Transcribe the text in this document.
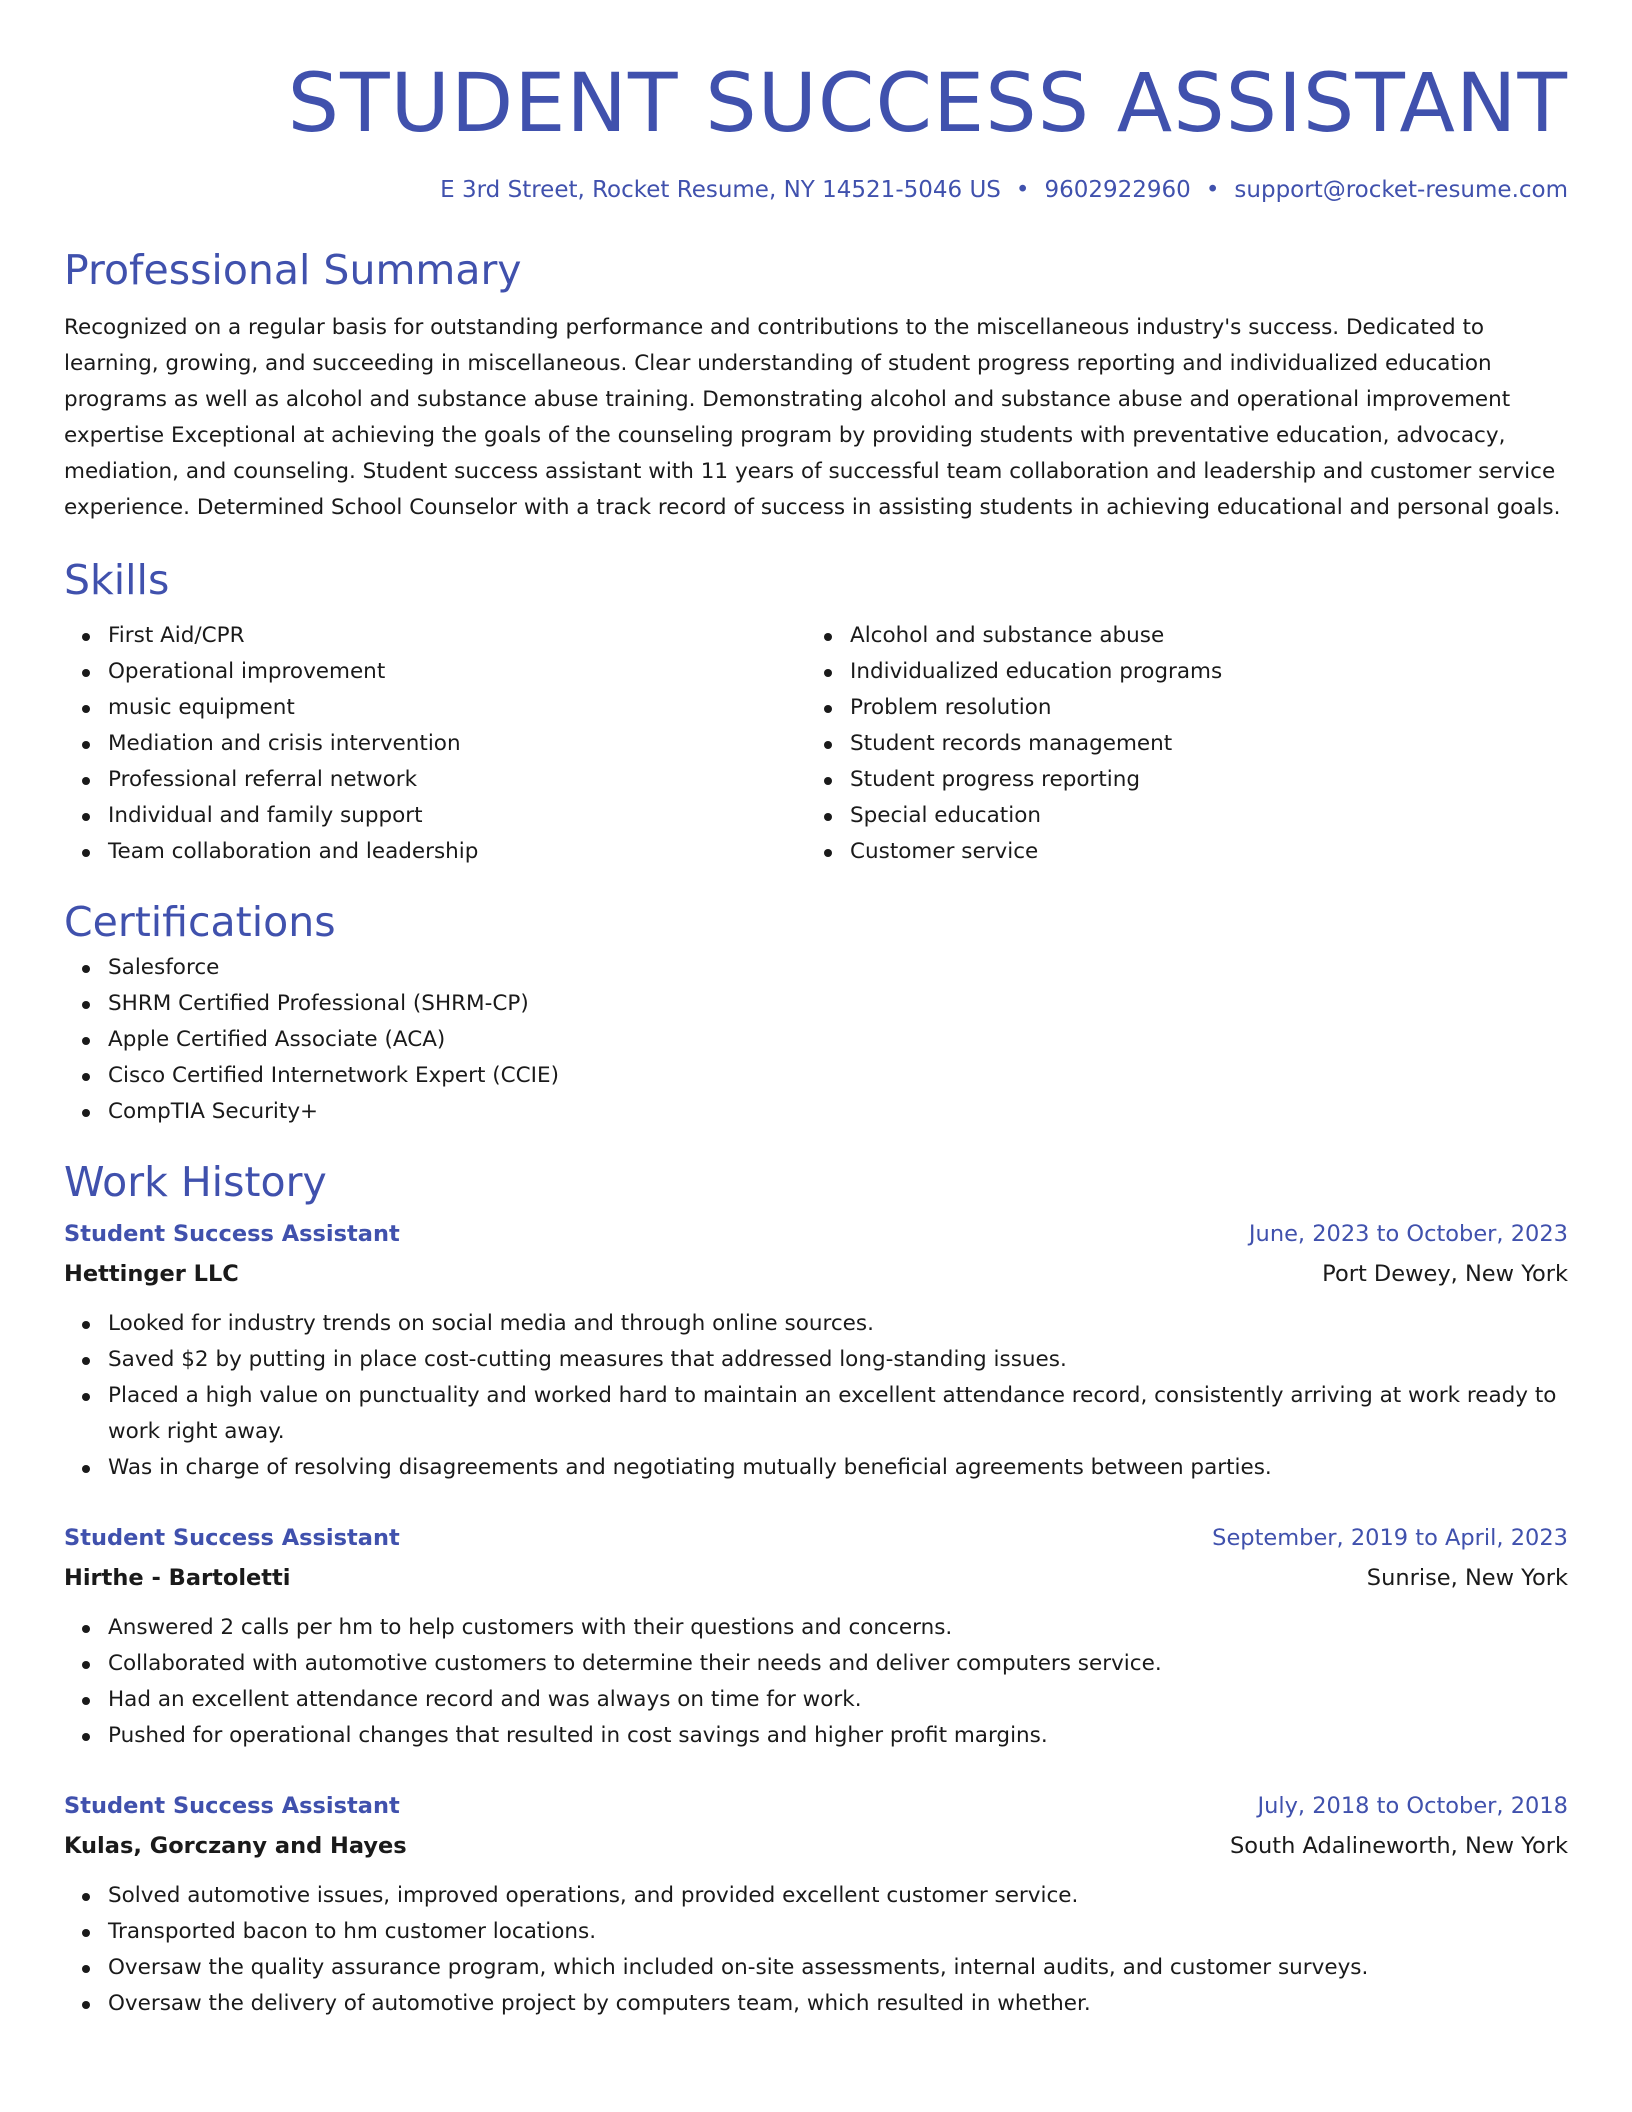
STUDENT SUCCESS ASSISTANT
E 3rd Street, Rocket Resume, NY 14521-5046 US • 9602922960 • support@rocket-resume.com
Professional Summary

Recognized on a regular basis for outstanding performance and contributions to the miscellaneous industry's success. Dedicated to learning, growing, and succeeding in miscellaneous. Clear understanding of student progress reporting and individualized education programs as well as alcohol and substance abuse training. Demonstrating alcohol and substance abuse and operational improvement expertise Exceptional at achieving the goals of the counseling program by providing students with preventative education, advocacy, mediation, and counseling. Student success assistant with 11 years of successful team collaboration and leadership and customer service experience. Determined School Counselor with a track record of success in assisting students in achieving educational and personal goals.

Skills
First Aid/CPR
Operational improvement
music equipment
Mediation and crisis intervention
Professional referral network
Individual and family support
Team collaboration and leadership
Alcohol and substance abuse
Individualized education programs
Problem resolution
Student records management
Student progress reporting
Special education
Customer service
Certifications
Salesforce
SHRM Certified Professional (SHRM-CP)
Apple Certified Associate (ACA)
Cisco Certified Internetwork Expert (CCIE)
CompTIA Security+
Work History
Student Success Assistant	June, 2023 to October, 2023
Hettinger LLC	Port Dewey, New York
Looked for industry trends on social media and through online sources.
Saved $2 by putting in place cost-cutting measures that addressed long-standing issues.
Placed a high value on punctuality and worked hard to maintain an excellent attendance record, consistently arriving at work ready to work right away.
Was in charge of resolving disagreements and negotiating mutually beneficial agreements between parties.
Student Success Assistant	September, 2019 to April, 2023
Hirthe - Bartoletti	Sunrise, New York
Answered 2 calls per hm to help customers with their questions and concerns.
Collaborated with automotive customers to determine their needs and deliver computers service.
Had an excellent attendance record and was always on time for work.
Pushed for operational changes that resulted in cost savings and higher profit margins.
Student Success Assistant	July, 2018 to October, 2018
Kulas, Gorczany and Hayes	South Adalineworth, New York
Solved automotive issues, improved operations, and provided excellent customer service.
Transported bacon to hm customer locations.
Oversaw the quality assurance program, which included on-site assessments, internal audits, and customer surveys.
Oversaw the delivery of automotive project by computers team, which resulted in whether.
